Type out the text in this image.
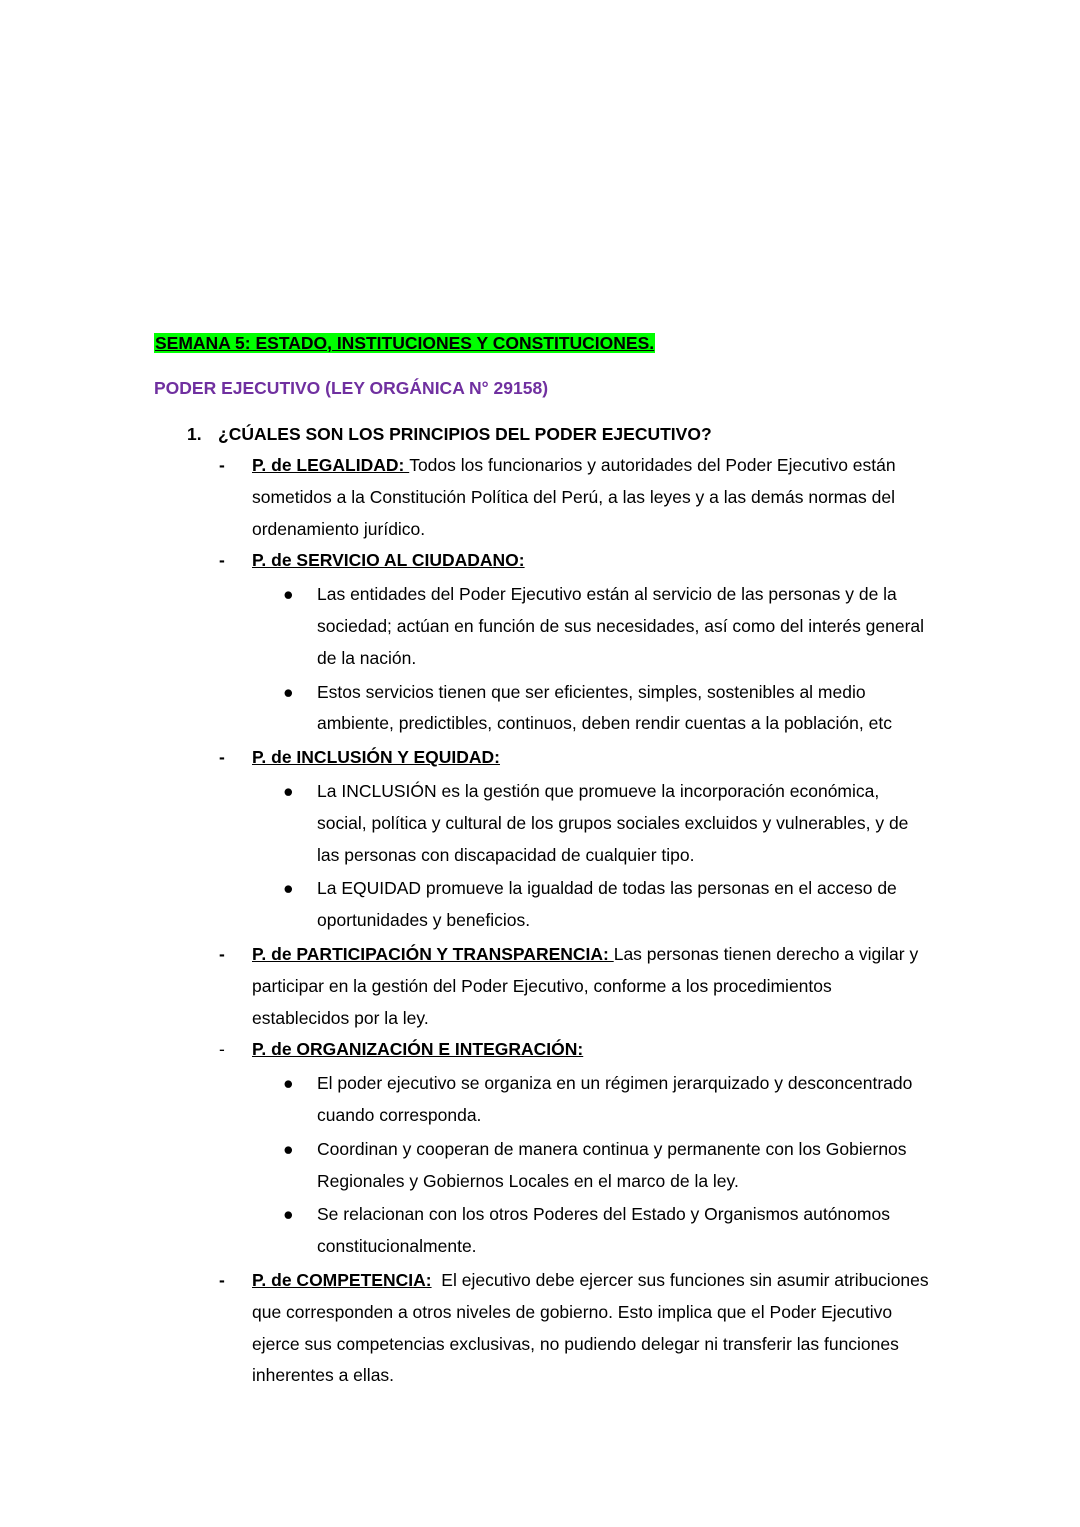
SEMANA 5: ESTADO, INSTITUCIONES Y CONSTITUCIONES.
PODER EJECUTIVO (LEY ORGÁNICA N° 29158)
1. ¿CÚALES SON LOS PRINCIPIOS DEL PODER EJECUTIVO?
- P. de LEGALIDAD: Todos los funcionarios y autoridades del Poder Ejecutivo están sometidos a la Constitución Política del Perú, a las leyes y a las demás normas del ordenamiento jurídico.
- P. de SERVICIO AL CIUDADANO:
● Las entidades del Poder Ejecutivo están al servicio de las personas y de la sociedad; actúan en función de sus necesidades, así como del interés general de la nación.
● Estos servicios tienen que ser eficientes, simples, sostenibles al medio ambiente, predictibles, continuos, deben rendir cuentas a la población, etc
- P. de INCLUSIÓN Y EQUIDAD:
● La INCLUSIÓN es la gestión que promueve la incorporación económica, social, política y cultural de los grupos sociales excluidos y vulnerables, y de las personas con discapacidad de cualquier tipo.
● La EQUIDAD promueve la igualdad de todas las personas en el acceso de oportunidades y beneficios.
- P. de PARTICIPACIÓN Y TRANSPARENCIA: Las personas tienen derecho a vigilar y participar en la gestión del Poder Ejecutivo, conforme a los procedimientos establecidos por la ley.
- P. de ORGANIZACIÓN E INTEGRACIÓN:
● El poder ejecutivo se organiza en un régimen jerarquizado y desconcentrado cuando corresponda.
● Coordinan y cooperan de manera continua y permanente con los Gobiernos Regionales y Gobiernos Locales en el marco de la ley.
● Se relacionan con los otros Poderes del Estado y Organismos autónomos constitucionalmente.
- P. de COMPETENCIA:  El ejecutivo debe ejercer sus funciones sin asumir atribuciones que corresponden a otros niveles de gobierno. Esto implica que el Poder Ejecutivo ejerce sus competencias exclusivas, no pudiendo delegar ni transferir las funciones inherentes a ellas.
